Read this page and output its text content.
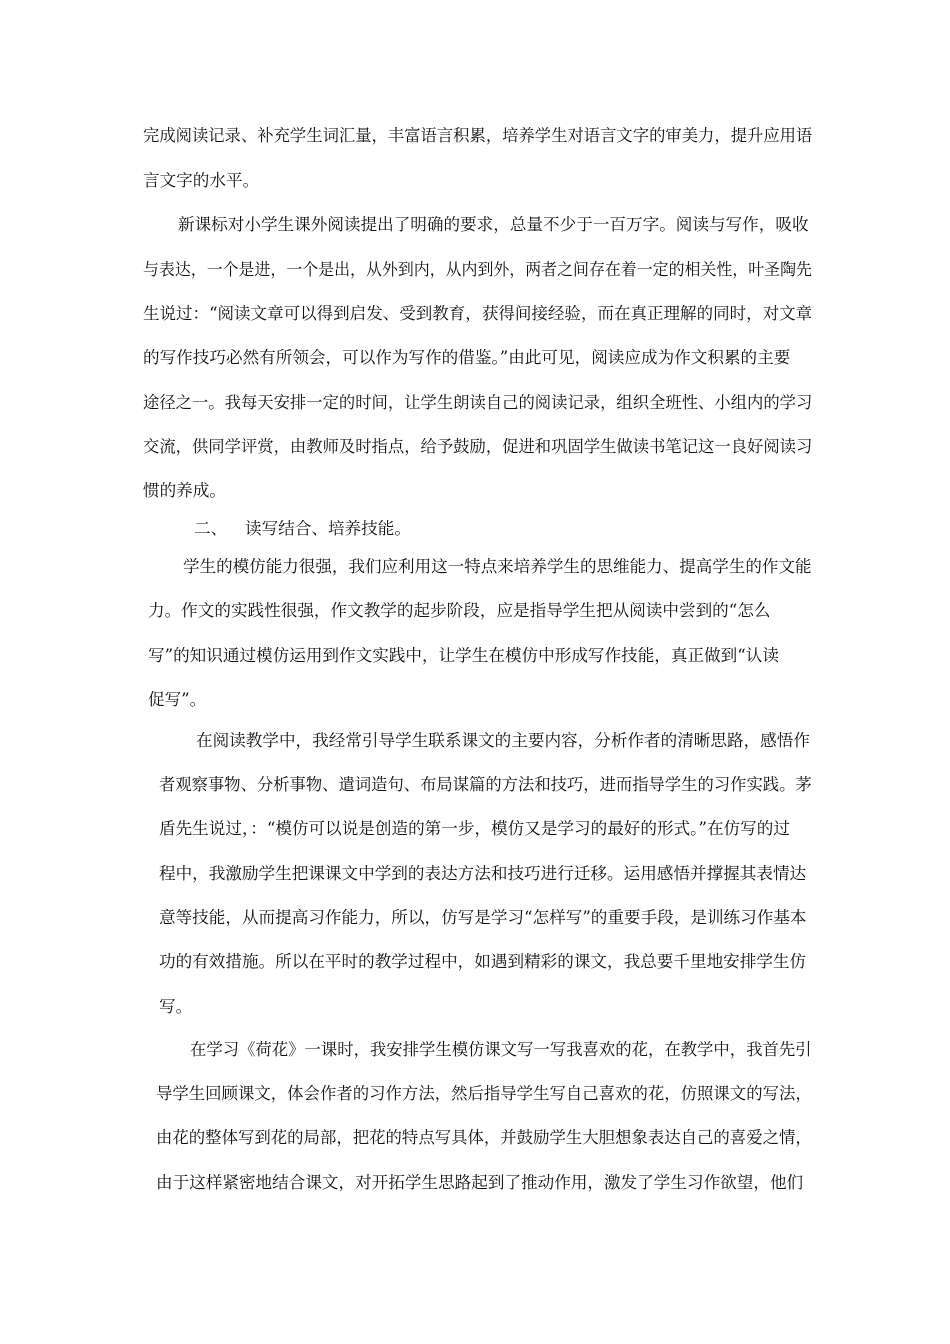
完成阅读记录、补充学生词汇量，丰富语言积累，培养学生对语言文字的审美力，提升应用语
言文字的水平。
新课标对小学生课外阅读提出了明确的要求，总量不少于一百万字。阅读与写作，吸收
与表达，一个是进，一个是出，从外到内，从内到外，两者之间存在着一定的相关性，叶圣陶先
生说过：“阅读文章可以得到启发、受到教育，获得间接经验，而在真正理解的同时，对文章
的写作技巧必然有所领会，可以作为写作的借鉴。”由此可见，阅读应成为作文积累的主要
途径之一。我每天安排一定的时间，让学生朗读自己的阅读记录，组织全班性、小组内的学习
交流，供同学评赏，由教师及时指点，给予鼓励，促进和巩固学生做读书笔记这一良好阅读习
惯的养成。
二、 读写结合、培养技能。
学生的模仿能力很强，我们应利用这一特点来培养学生的思维能力、提高学生的作文能
力。作文的实践性很强，作文教学的起步阶段，应是指导学生把从阅读中尝到的“怎么
写”的知识通过模仿运用到作文实践中，让学生在模仿中形成写作技能，真正做到“认读
促写”。
在阅读教学中，我经常引导学生联系课文的主要内容，分析作者的清晰思路，感悟作
者观察事物、分析事物、遣词造句、布局谋篇的方法和技巧，进而指导学生的习作实践。茅
盾先生说过，：“模仿可以说是创造的第一步，模仿又是学习的最好的形式。”在仿写的过
程中，我激励学生把课课文中学到的表达方法和技巧进行迁移。运用感悟并撑握其表情达
意等技能，从而提高习作能力，所以，仿写是学习“怎样写”的重要手段，是训练习作基本
功的有效措施。所以在平时的教学过程中，如遇到精彩的课文，我总要千里地安排学生仿
写。
在学习《荷花》一课时，我安排学生模仿课文写一写我喜欢的花，在教学中，我首先引
导学生回顾课文，体会作者的习作方法，然后指导学生写自己喜欢的花，仿照课文的写法，
由花的整体写到花的局部，把花的特点写具体，并鼓励学生大胆想象表达自己的喜爱之情，
由于这样紧密地结合课文，对开拓学生思路起到了推动作用，激发了学生习作欲望，他们
